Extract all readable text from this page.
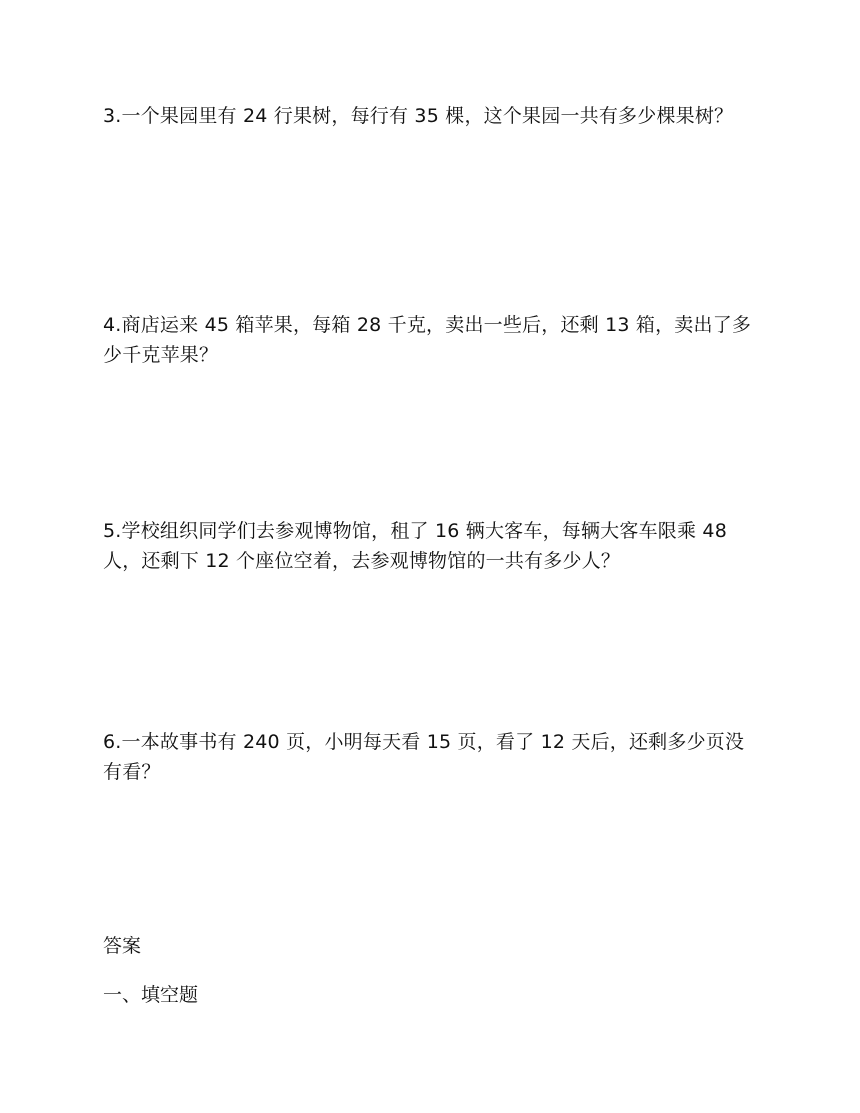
3.一个果园里有 24 行果树，每行有 35 棵，这个果园一共有多少棵果树？

4.商店运来 45 箱苹果，每箱 28 千克，卖出一些后，还剩 13 箱，卖出了多少千克苹果？

5.学校组织同学们去参观博物馆，租了 16 辆大客车，每辆大客车限乘 48 人，还剩下 12 个座位空着，去参观博物馆的一共有多少人？

6.一本故事书有 240 页，小明每天看 15 页，看了 12 天后，还剩多少页没有看？

答案

一、填空题
